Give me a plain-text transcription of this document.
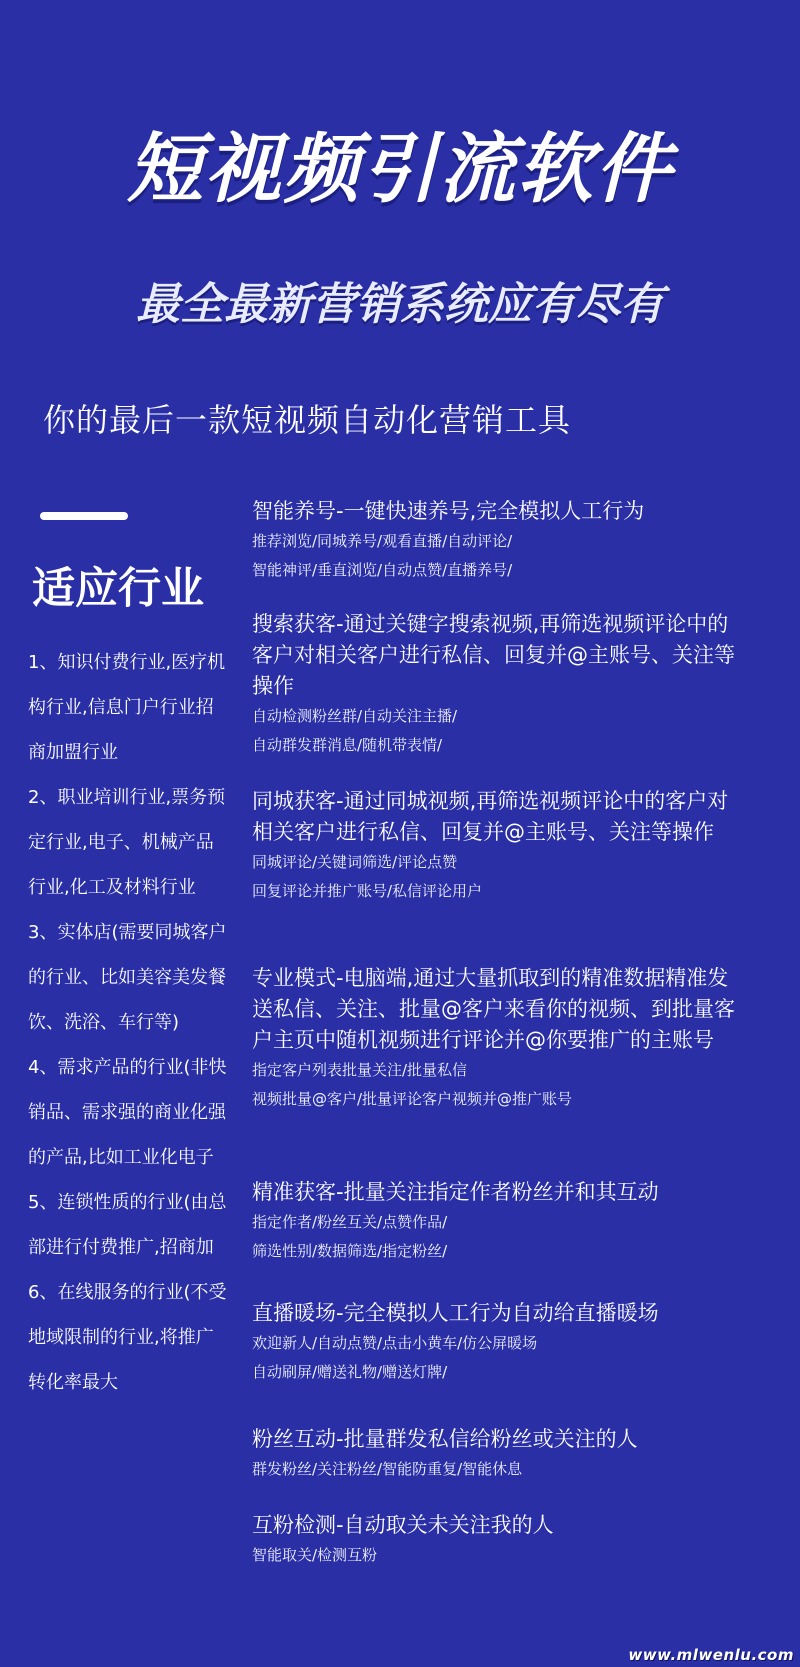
短视频引流软件
最全最新营销系统应有尽有
你的最后一款短视频自动化营销工具
适应行业

1、知识付费行业,医疗机构行业,信息门户行业招商加盟行业

2、职业培训行业,票务预定行业,电子、机械产品行业,化工及材料行业

3、实体店(需要同城客户的行业、比如美容美发餐饮、洗浴、车行等)

4、需求产品的行业(非快销品、需求强的商业化强的产品,比如工业化电子

5、连锁性质的行业(由总部进行付费推广,招商加

6、在线服务的行业(不受地域限制的行业,将推广转化率最大

智能养号-一键快速养号,完全模拟人工行为
推荐浏览/同城养号/观看直播/自动评论/
智能神评/垂直浏览/自动点赞/直播养号/
搜索获客-通过关键字搜索视频,再筛选视频评论中的客户对相关客户进行私信、回复并@主账号、关注等操作
自动检测粉丝群/自动关注主播/
自动群发群消息/随机带表情/
同城获客-通过同城视频,再筛选视频评论中的客户对相关客户进行私信、回复并@主账号、关注等操作
同城评论/关键词筛选/评论点赞
回复评论并推广账号/私信评论用户
专业模式-电脑端,通过大量抓取到的精准数据精准发送私信、关注、批量@客户来看你的视频、到批量客户主页中随机视频进行评论并@你要推广的主账号
指定客户列表批量关注/批量私信
视频批量@客户/批量评论客户视频并@推广账号
精准获客-批量关注指定作者粉丝并和其互动
指定作者/粉丝互关/点赞作品/
筛选性别/数据筛选/指定粉丝/
直播暖场-完全模拟人工行为自动给直播暖场
欢迎新人/自动点赞/点击小黄车/仿公屏暖场
自动刷屏/赠送礼物/赠送灯牌/
粉丝互动-批量群发私信给粉丝或关注的人
群发粉丝/关注粉丝/智能防重复/智能休息
互粉检测-自动取关未关注我的人
智能取关/检测互粉
www.mlwenlu.com
